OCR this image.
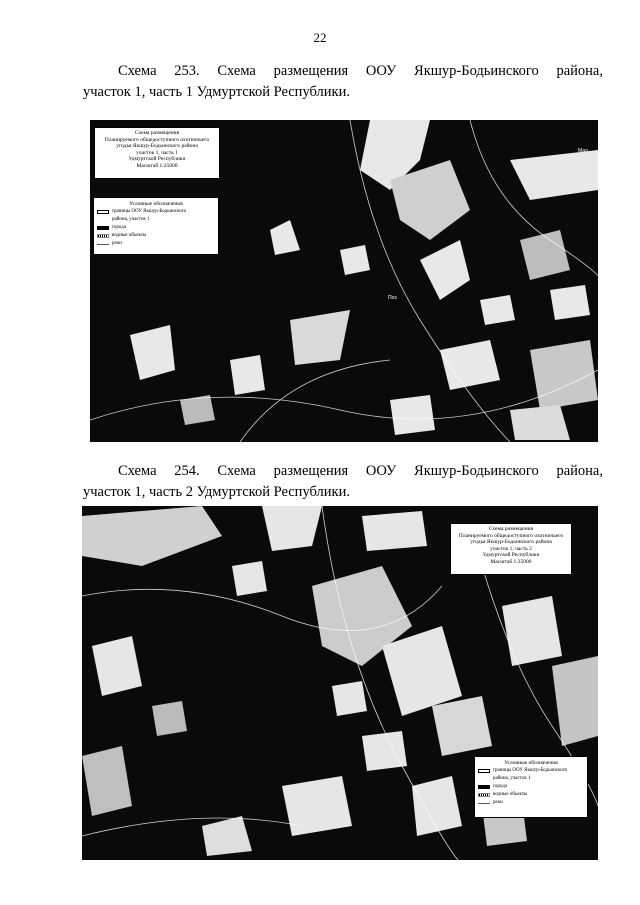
22
Схема 253. Схема размещения ООУ Якшур-Бодьинского района,
участок 1, часть 1 Удмуртской Республики.
Схема размещения
Планируемого общедоступного охотничьего
угодья Якшур-Бодьинского района
участок 1, часть 1
Удмуртской Республики
Масштаб 1:25000
Условные обозначения
границы ООУ Якшур-Бодьинского
района, участок 1
города
водные объекты
реки
Мал
Поз
Схема 254. Схема размещения ООУ Якшур-Бодьинского района,
участок 1, часть 2 Удмуртской Республики.
Схема размещения
Планируемого общедоступного охотничьего
угодья Якшур-Бодьинского района
участок 1, часть 2
Удмуртской Республики
Масштаб 1:25000
Условные обозначения
границы ООУ Якшур-Бодьинского
района, участок 1
города
водные объекты
реки
